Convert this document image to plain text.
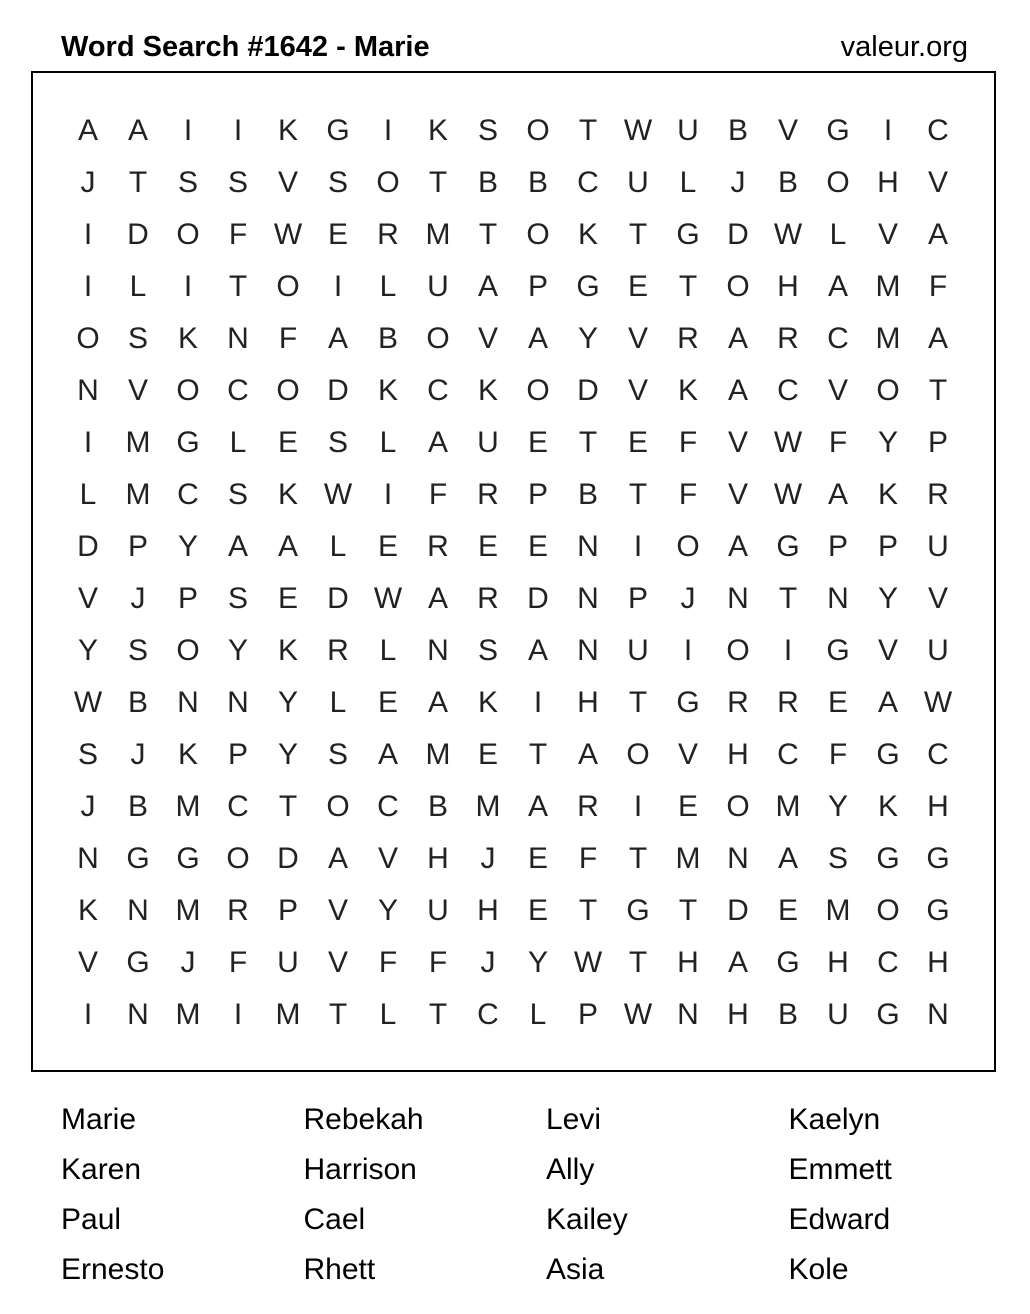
Word Search #1642 - Marie	valeur.org
A A	I	I	K G	I	K S O T W U B V G	I	C
J	T	S S V S O T	B B C U	L	J	B O H V
I	D O F W E R M T O K	T G D W L	V A
I	L	I	T O	I	L	U A P G E	T O H A M F
O S K N	F	A B O V A Y V R A R C M A
N V O C O D K C K O D V K A C V O T
I	M G L	E S	L	A U E	T	E	F	V W F	Y P
L M C S K W	I	F	R P B	T	F	V W A K R
D P Y A A	L	E R E E N	I	O A G P P U
V	J	P S E D W A R D N P	J	N	T	N Y V
Y S O Y K R	L	N S A N U	I	O	I	G V U
W B N N Y	L	E A K	I	H	T G R R E A W
S	J	K P Y S A M E	T	A O V H C	F G C
J	B M C	T O C B M A R	I	E O M Y K H
N G G O D A V H	J	E	F	T M N A S G G
K N M R P V Y U H E	T G T	D E M O G
V G	J	F	U V	F	F	J	Y W T	H A G H C H
I	N M	I	M T	L	T	C	L	P W N H B U G N
Marie	Rebekah	Levi	Kaelyn
Karen	Harrison	Ally	Emmett
Paul	Cael	Kailey	Edward
Ernesto	Rhett	Asia	Kole
